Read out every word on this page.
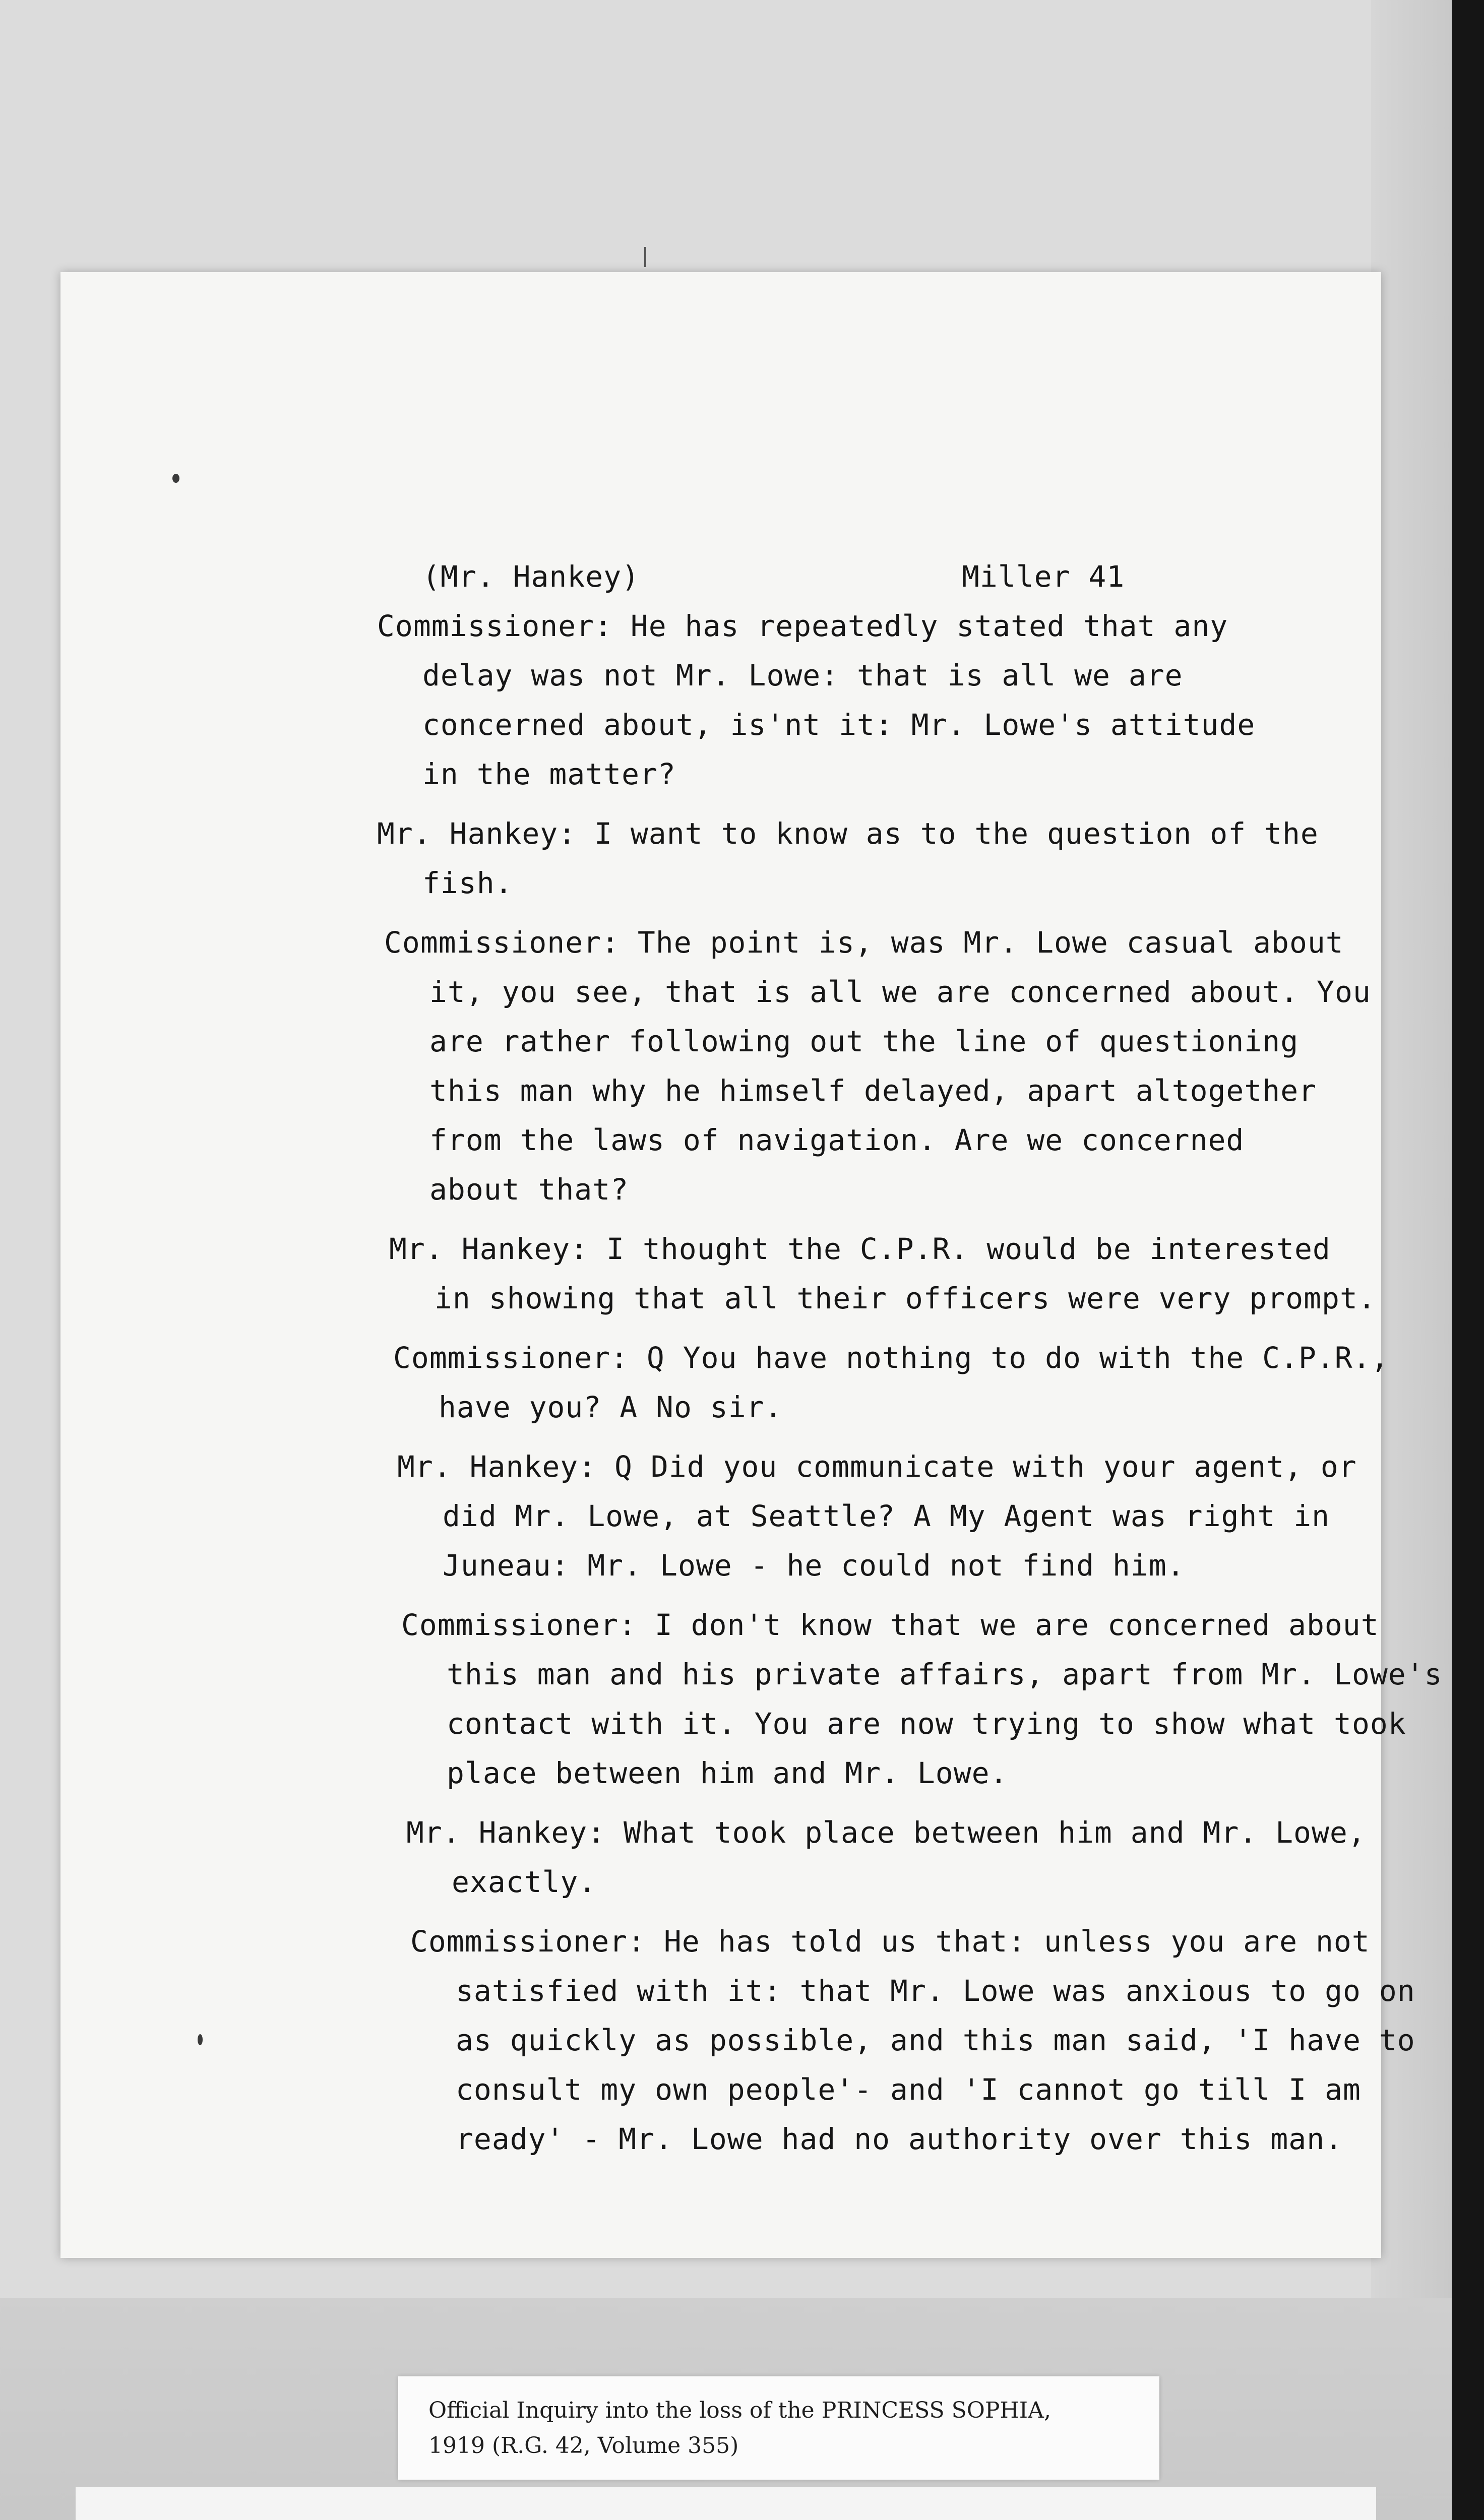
(Mr. Hankey)	Miller 41
Commissioner: He has repeatedly stated that any
delay was not Mr. Lowe: that is all we are
concerned about, is'nt it: Mr. Lowe's attitude
in the matter?
Mr. Hankey: I want to know as to the question of the
fish.
Commissioner: The point is, was Mr. Lowe casual about
it, you see, that is all we are concerned about. You
are rather following out the line of questioning
this man why he himself delayed, apart altogether
from the laws of navigation. Are we concerned
about that?
Mr. Hankey: I thought the C.P.R. would be interested
in showing that all their officers were very prompt.
Commissioner: Q You have nothing to do with the C.P.R.,
have you? A No sir.
Mr. Hankey: Q Did you communicate with your agent, or
did Mr. Lowe, at Seattle? A My Agent was right in
Juneau: Mr. Lowe - he could not find him.
Commissioner: I don't know that we are concerned about
this man and his private affairs, apart from Mr. Lowe's
contact with it. You are now trying to show what took
place between him and Mr. Lowe.
Mr. Hankey: What took place between him and Mr. Lowe,
exactly.
Commissioner: He has told us that: unless you are not
satisfied with it: that Mr. Lowe was anxious to go on
as quickly as possible, and this man said, 'I have to
consult my own people'- and 'I cannot go till I am
ready' - Mr. Lowe had no authority over this man.
Official Inquiry into the loss of the PRINCESS SOPHIA,
1919 (R.G. 42, Volume 355)
